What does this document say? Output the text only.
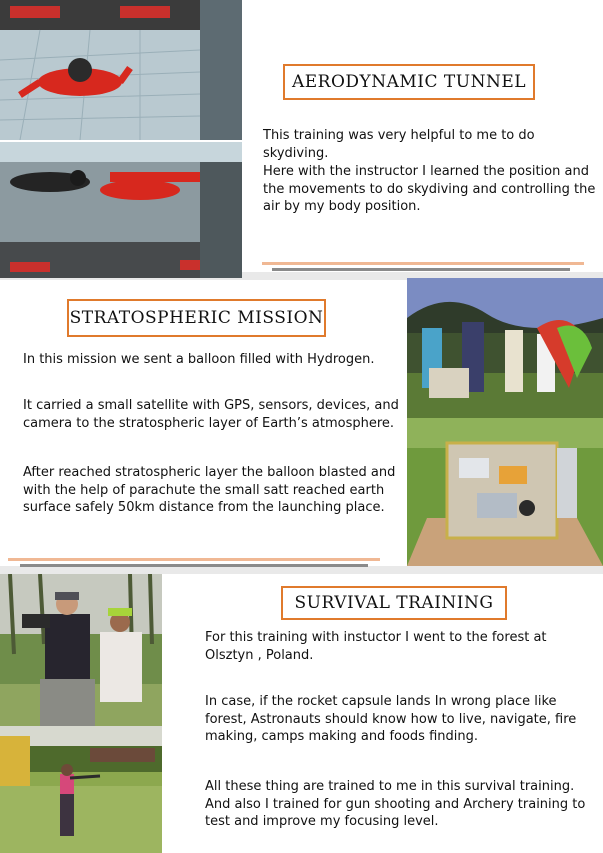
AERODYNAMIC TUNNEL

This training was very helpful to me to do skydiving.

Here with the instructor I learned the position and the movements to do skydiving and controlling the air by my body position.

STRATOSPHERIC MISSION

In this mission we sent a balloon filled with Hydrogen.

It carried a small satellite with GPS, sensors, devices, and camera to the stratospheric layer of Earth’s atmosphere.

After reached stratospheric layer the balloon blasted and with the help of parachute the small satt reached earth surface safely 50km distance from the launching place.

SURVIVAL TRAINING

For this training with instuctor I went to the forest at Olsztyn , Poland.

In case, if the rocket capsule lands In wrong place like forest, Astronauts should know how to live, navigate, fire making, camps making and foods finding.

All these thing are trained to me in this survival training. And also I trained for gun shooting and Archery training to test and improve my focusing level.
